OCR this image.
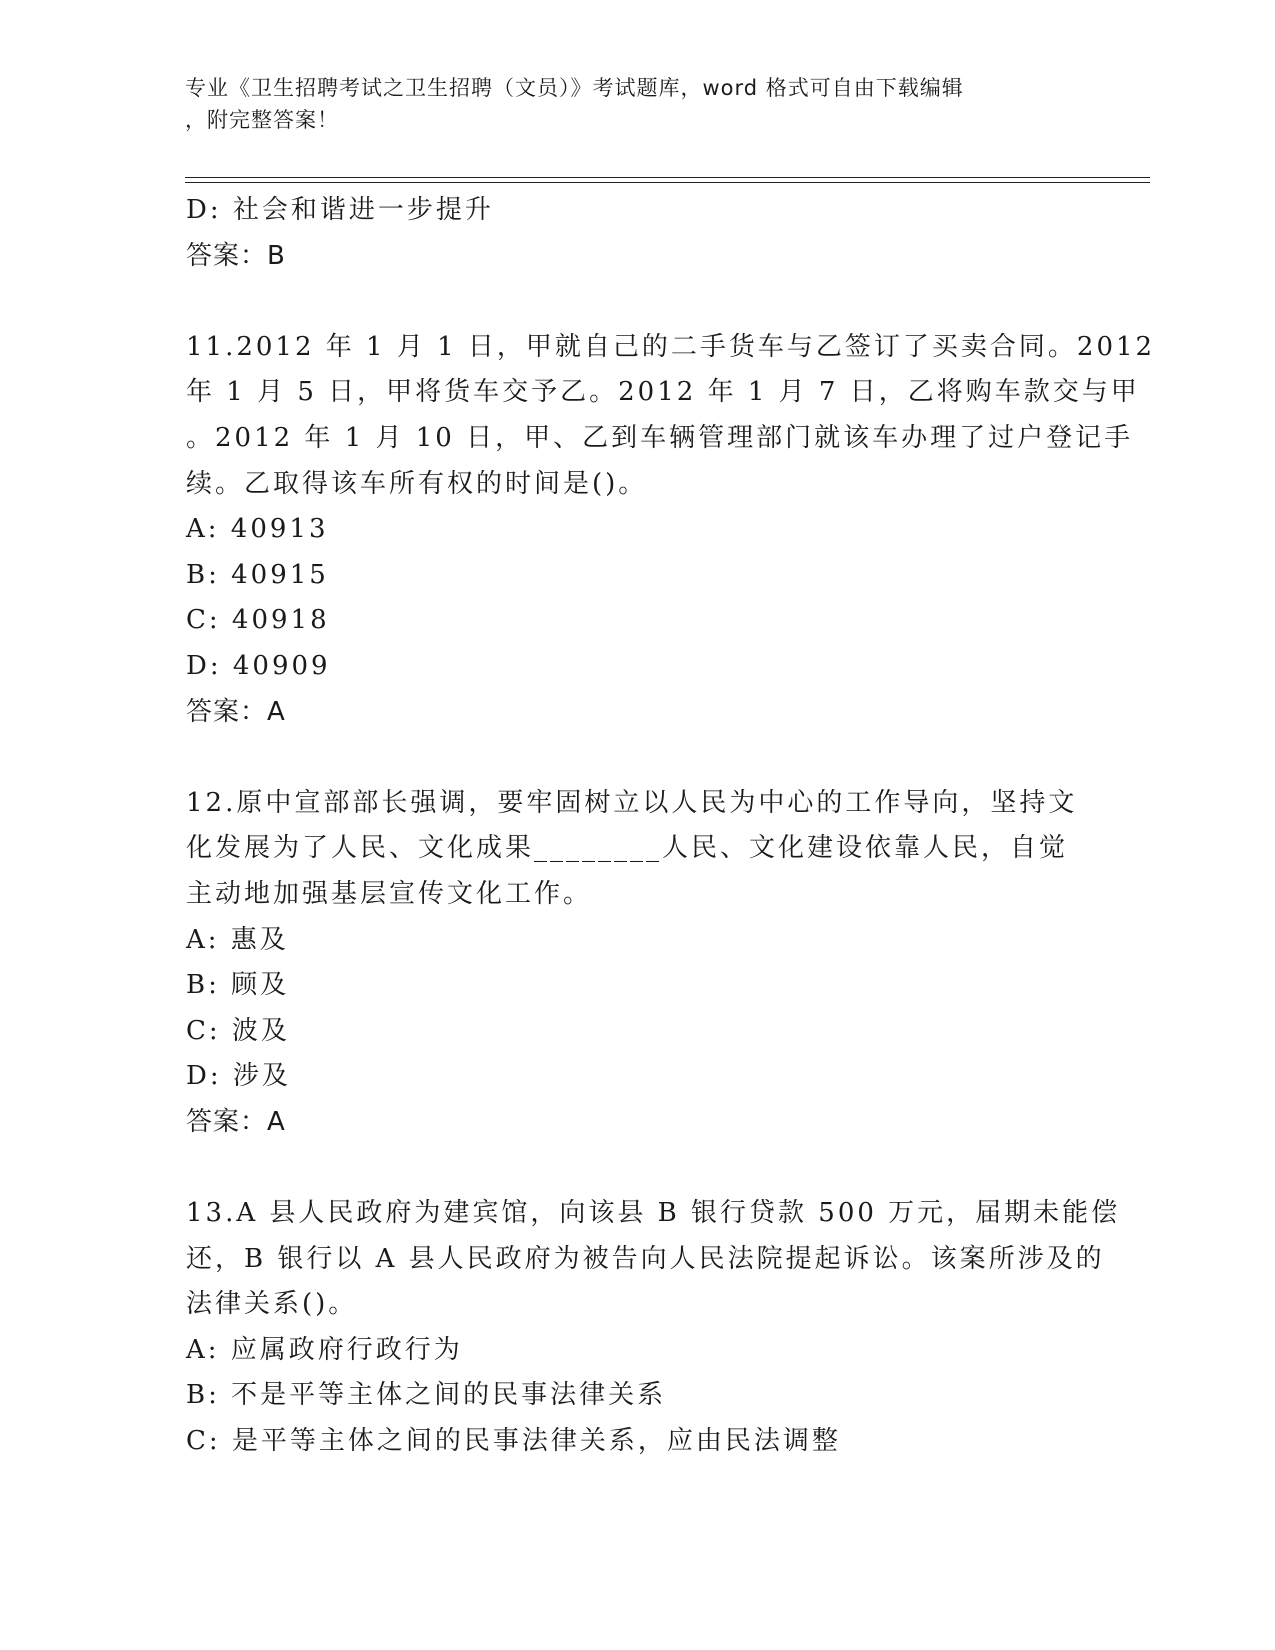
专业《卫生招聘考试之卫生招聘（文员）》考试题库，word 格式可自由下载编辑
，附完整答案！
D: 社会和谐进一步提升
答案：B
11.2012 年 1 月 1 日，甲就自己的二手货车与乙签订了买卖合同。2012
年 1 月 5 日，甲将货车交予乙。2012 年 1 月 7 日，乙将购车款交与甲
。2012 年 1 月 10 日，甲、乙到车辆管理部门就该车办理了过户登记手
续。乙取得该车所有权的时间是()。
A: 40913
B: 40915
C: 40918
D: 40909
答案：A
12.原中宣部部长强调，要牢固树立以人民为中心的工作导向，坚持文
化发展为了人民、文化成果________人民、文化建设依靠人民，自觉
主动地加强基层宣传文化工作。
A: 惠及
B: 顾及
C: 波及
D: 涉及
答案：A
13.A 县人民政府为建宾馆，向该县 B 银行贷款 500 万元，届期未能偿
还，B 银行以 A 县人民政府为被告向人民法院提起诉讼。该案所涉及的
法律关系()。
A: 应属政府行政行为
B: 不是平等主体之间的民事法律关系
C: 是平等主体之间的民事法律关系，应由民法调整
